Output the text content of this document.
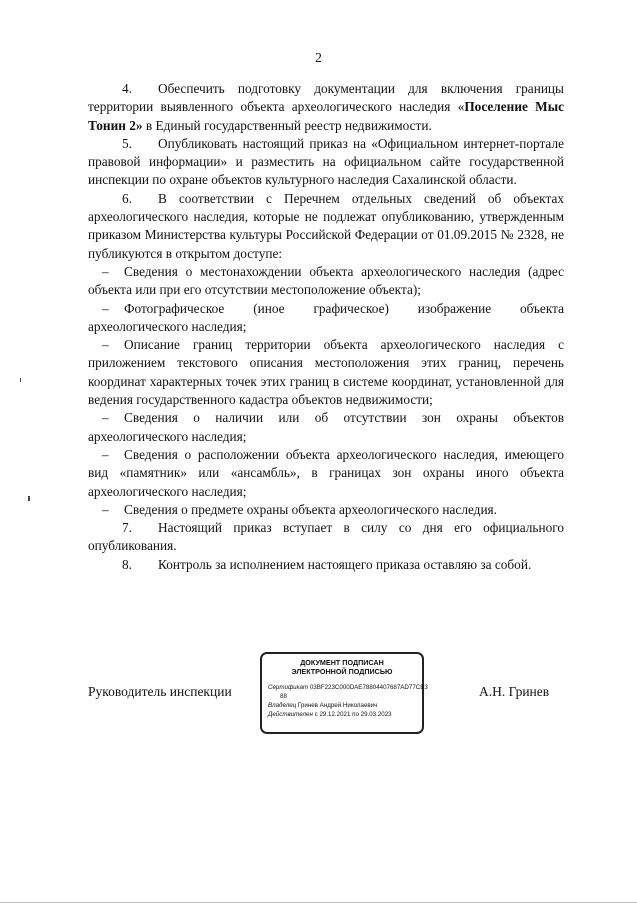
2

4. Обеспечить подготовку документации для включения границы территории выявленного объекта археологического наследия «Поселение Мыс Тонин 2» в Единый государственный реестр недвижимости.

5. Опубликовать настоящий приказ на «Официальном интернет-портале правовой информации» и разместить на официальном сайте государственной инспекции по охране объектов культурного наследия Сахалинской области.

6. В соответствии с Перечнем отдельных сведений об объектах археологического наследия, которые не подлежат опубликованию, утвержденным приказом Министерства культуры Российской Федерации от 01.09.2015 № 2328, не публикуются в открытом доступе:

– Сведения о местонахождении объекта археологического наследия (адрес объекта или при его отсутствии местоположение объекта);

– Фотографическое (иное графическое) изображение объекта археологического наследия;

– Описание границ территории объекта археологического наследия с приложением текстового описания местоположения этих границ, перечень координат характерных точек этих границ в системе координат, установленной для ведения государственного кадастра объектов недвижимости;

– Сведения о наличии или об отсутствии зон охраны объектов археологического наследия;

– Сведения о расположении объекта археологического наследия, имеющего вид «памятник» или «ансамбль», в границах зон охраны иного объекта археологического наследия;

– Сведения о предмете охраны объекта археологического наследия.

7. Настоящий приказ вступает в силу со дня его официального опубликования.

8. Контроль за исполнением настоящего приказа оставляю за собой.

Руководитель инспекции
ДОКУМЕНТ ПОДПИСАН
ЭЛЕКТРОННОЙ ПОДПИСЬЮ
Сертификат 03BF223C000DAE78804407687AD77CB3
88
Владелец Гринев Андрей Николаевич
Действителен с 29.12.2021 по 29.03.2023
А.Н. Гринев
